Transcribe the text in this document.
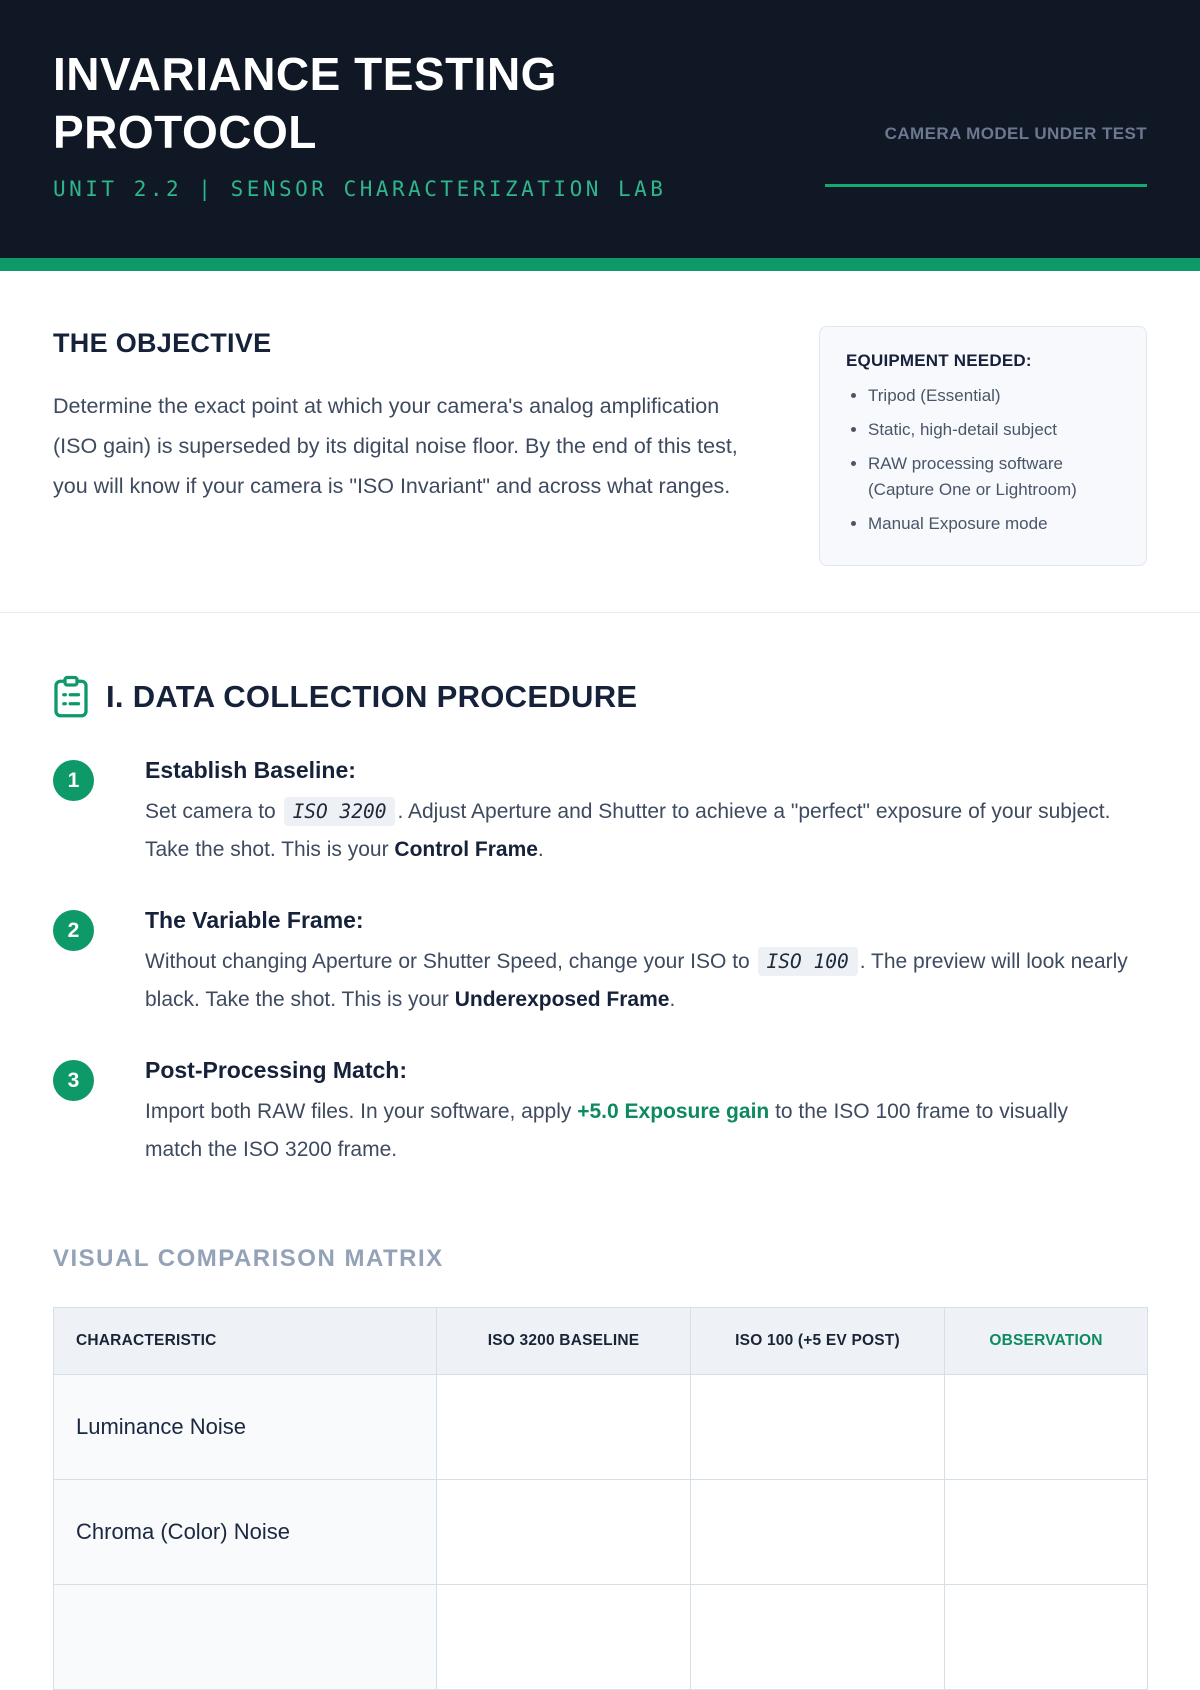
INVARIANCE TESTING
PROTOCOL
UNIT 2.2 | SENSOR CHARACTERIZATION LAB
CAMERA MODEL UNDER TEST
THE OBJECTIVE

Determine the exact point at which your camera's analog amplification (ISO gain) is superseded by its digital noise floor. By the end of this test, you will know if your camera is "ISO Invariant" and across what ranges.

EQUIPMENT NEEDED:
• Tripod (Essential)
• Static, high-detail subject
• RAW processing software (Capture One or Lightroom)
• Manual Exposure mode
I. DATA COLLECTION PROCEDURE
1	Establish Baseline:

Set camera to ISO 3200 . Adjust Aperture and Shutter to achieve a "perfect" exposure of your subject. Take the shot. This is your Control Frame.

2	The Variable Frame:

Without changing Aperture or Shutter Speed, change your ISO to ISO 100 . The preview will look nearly black. Take the shot. This is your Underexposed Frame.

3	Post-Processing Match:

Import both RAW files. In your software, apply +5.0 Exposure gain to the ISO 100 frame to visually match the ISO 3200 frame.

VISUAL COMPARISON MATRIX
CHARACTERISTIC	ISO 3200 BASELINE	ISO 100 (+5 EV POST)	OBSERVATION
Luminance Noise			
Chroma (Color) Noise			
